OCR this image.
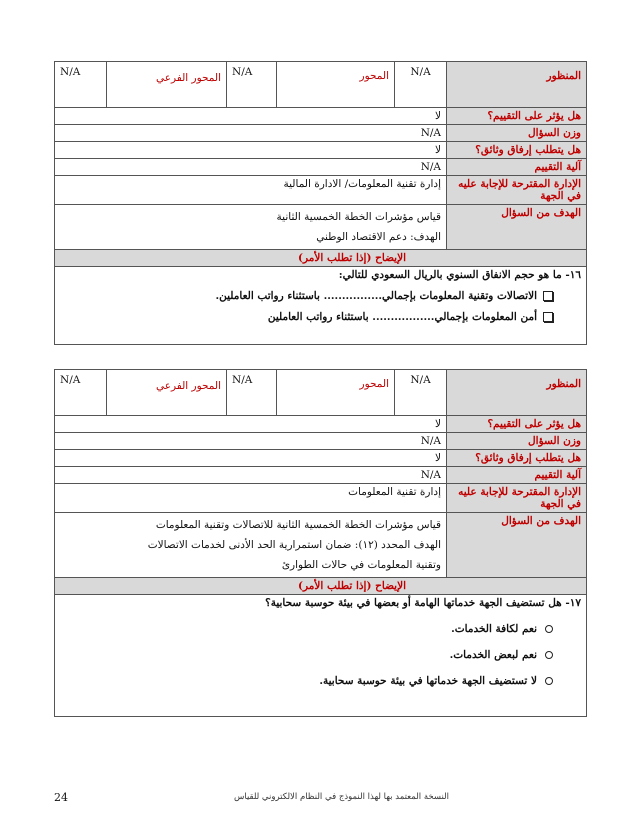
المنظور	N/A	المحور	N/A	المحور الفرعي	N/A
هل يؤثر على التقييم؟	لا				
وزن السؤال	N/A				
هل يتطلب إرفاق وثائق؟	لا				
آلية التقييم	N/A				
الإدارة المقترحة للإجابة عليه في الجهة	إدارة تقنية المعلومات/ الادارة المالية				
الهدف من السؤال	قياس مؤشرات الخطة الخمسية الثانية
الهدف: دعم الاقتصاد الوطني				

الإيضاح (إذا تطلب الأمر)					

١٦- ما هو حجم الانفاق السنوي بالريال السعودي للتالي:
الاتصالات وتقنية المعلومات بإجمالي................ باستثناء رواتب العاملين.
أمن المعلومات بإجمالي................. باستثناء رواتب العاملين					
المنظور	N/A	المحور	N/A	المحور الفرعي	N/A
هل يؤثر على التقييم؟	لا				
وزن السؤال	N/A				
هل يتطلب إرفاق وثائق؟	لا				
آلية التقييم	N/A				
الإدارة المقترحة للإجابة عليه في الجهة	إدارة تقنية المعلومات				
الهدف من السؤال	قياس مؤشرات الخطة الخمسية الثانية للاتصالات وتقنية المعلومات
الهدف المحدد (١٢): ضمان استمرارية الحد الأدنى لخدمات الاتصالات
وتقنية المعلومات في حالات الطوارئ				

الإيضاح (إذا تطلب الأمر)					

١٧- هل تستضيف الجهة خدماتها الهامة أو بعضها في بيئة حوسبة سحابية؟
نعم لكافة الخدمات.
نعم لبعض الخدمات.
لا تستضيف الجهة خدماتها في بيئة حوسبة سحابية.					
24	النسخة المعتمد بها لهذا النموذج في النظام الالكتروني للقياس
